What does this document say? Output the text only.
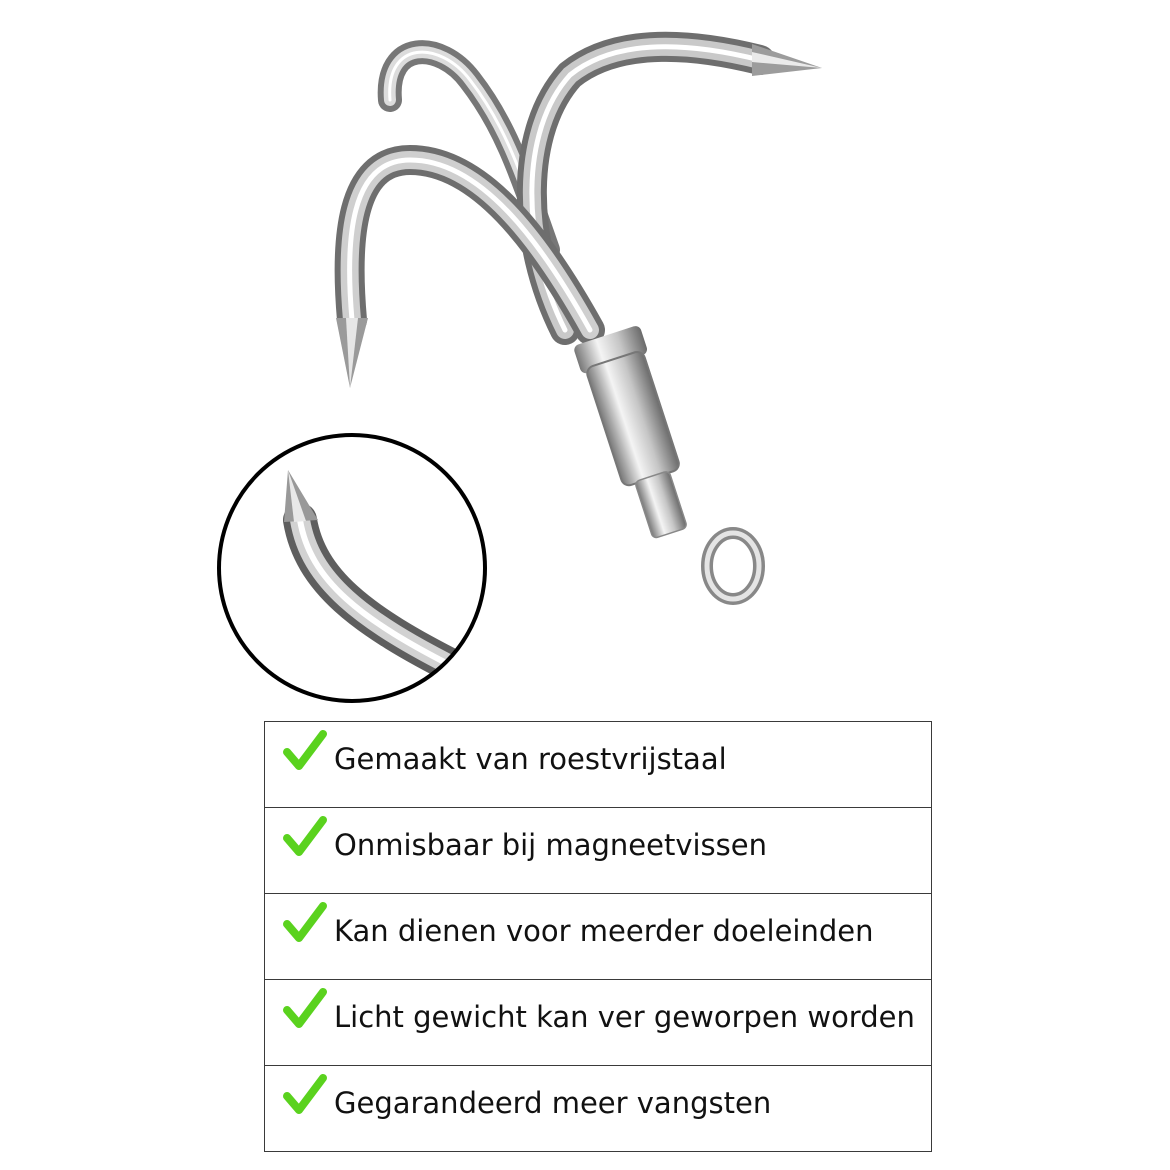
Gemaakt van roestvrijstaal

Onmisbaar bij magneetvissen

Kan dienen voor meerder doeleinden

Licht gewicht kan ver geworpen worden

Gegarandeerd meer vangsten
